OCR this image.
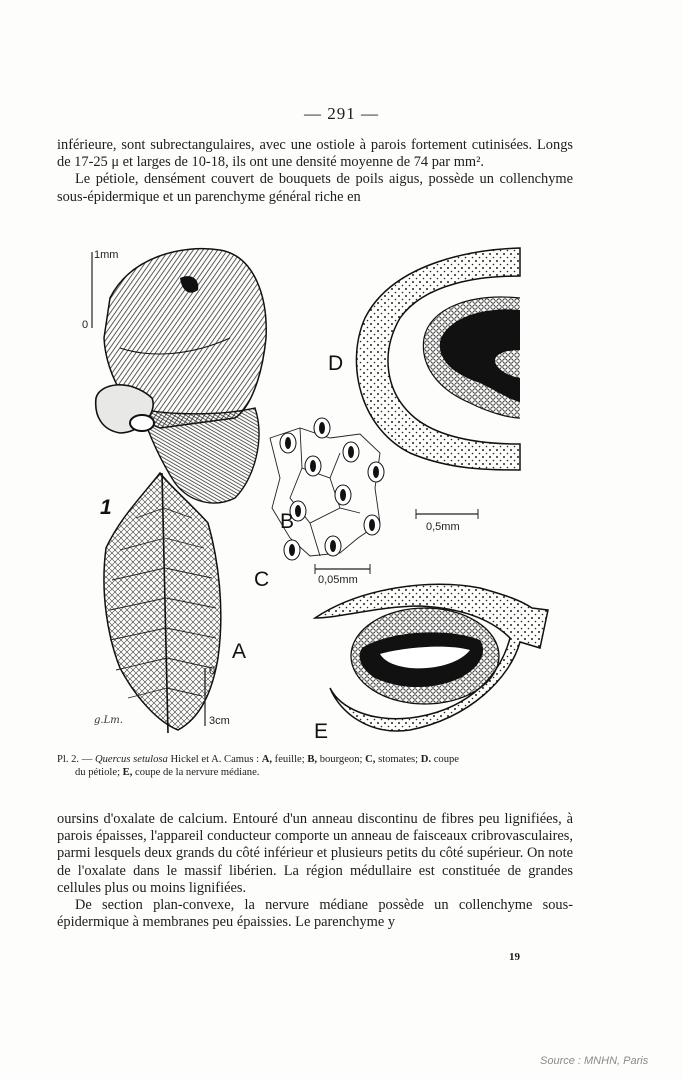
— 291 —

inférieure, sont subrectangulaires, avec une ostiole à parois fortement cutinisées. Longs de 17-25 μ et larges de 10-18, ils ont une densité moyenne de 74 par mm².

Le pétiole, densément couvert de bouquets de poils aigus, possède un collenchyme sous-épidermique et un parenchyme général riche en

1mm
0
g.Lm.
0
3cm
0,05mm
0,5mm
B
C
A
D
E
1
Pl. 2. — Quercus setulosa Hickel et A. Camus : A, feuille; B, bourgeon; C, stomates; D. coupe
du pétiole; E, coupe de la nervure médiane.

oursins d'oxalate de calcium. Entouré d'un anneau discontinu de fibres peu lignifiées, à parois épaisses, l'appareil conducteur comporte un anneau de faisceaux cribrovasculaires, parmi lesquels deux grands du côté inférieur et plusieurs petits du côté supérieur. On note de l'oxalate dans le massif libérien. La région médullaire est constituée de grandes cellules plus ou moins lignifiées.

De section plan-convexe, la nervure médiane possède un collenchyme sous-épidermique à membranes peu épaissies. Le parenchyme y

19
Source : MNHN, Paris
